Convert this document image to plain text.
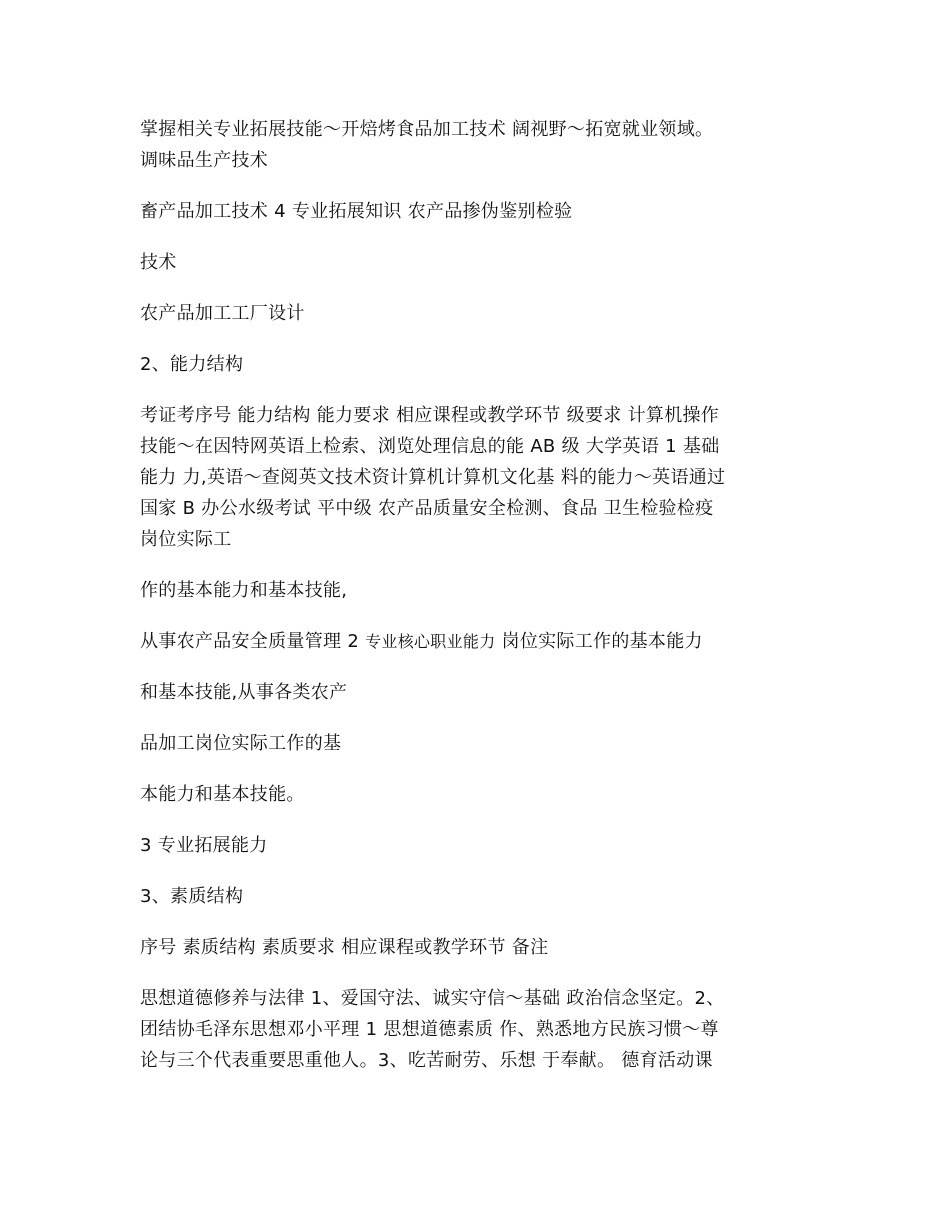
掌握相关专业拓展技能～开焙烤食品加工技术 阔视野～拓宽就业领域。
调味品生产技术

畜产品加工技术 4 专业拓展知识 农产品掺伪鉴别检验

技术

农产品加工工厂设计

2、能力结构

考证考序号 能力结构 能力要求 相应课程或教学环节 级要求 计算机操作
技能～在因特网英语上检索、浏览处理信息的能 AB 级 大学英语 1 基础
能力 力,英语～查阅英文技术资计算机计算机文化基 料的能力～英语通过
国家 B 办公水级考试 平中级 农产品质量安全检测、食品 卫生检验检疫
岗位实际工

作的基本能力和基本技能,

从事农产品安全质量管理 2 专业核心职业能力 岗位实际工作的基本能力

和基本技能,从事各类农产

品加工岗位实际工作的基

本能力和基本技能。

3 专业拓展能力

3、素质结构

序号 素质结构 素质要求 相应课程或教学环节 备注

思想道德修养与法律 1、爱国守法、诚实守信～基础 政治信念坚定。2、
团结协毛泽东思想邓小平理 1 思想道德素质 作、熟悉地方民族习惯～尊
论与三个代表重要思重他人。3、吃苦耐劳、乐想 于奉献。 德育活动课
